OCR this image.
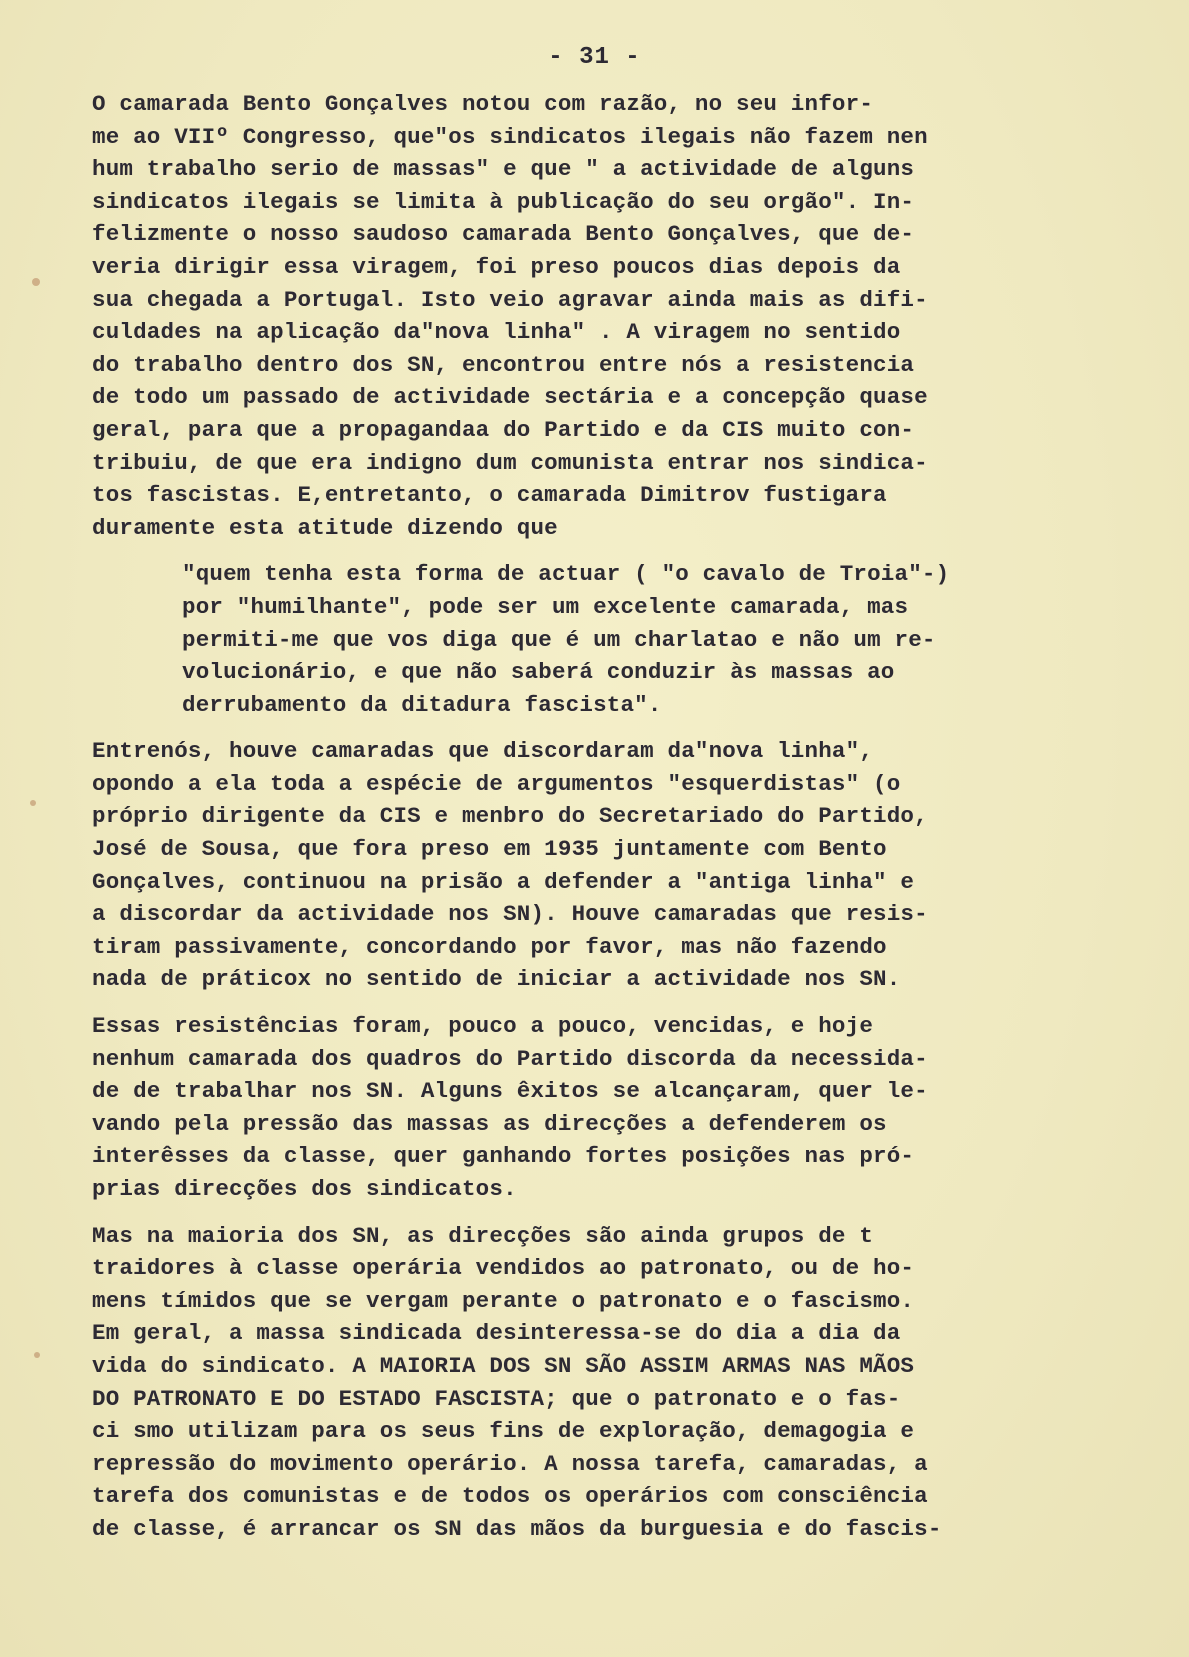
- 31 -
O camarada Bento Gonçalves notou com razão, no seu infor-
me ao VIIº Congresso, que"os sindicatos ilegais não fazem nen
hum trabalho serio de massas" e que " a actividade de alguns
sindicatos ilegais se limita à publicação do seu orgão". In-
felizmente o nosso saudoso camarada Bento Gonçalves, que de-
veria dirigir essa viragem, foi preso poucos dias depois da
sua chegada a Portugal. Isto veio agravar ainda mais as difi-
culdades na aplicação da"nova linha" . A viragem no sentido
do trabalho dentro dos SN, encontrou entre nós a resistencia
de todo um passado de actividade sectária e a concepção quase
geral, para que a propagandaa do Partido e da CIS muito con-
tribuiu, de que era indigno dum comunista entrar nos sindica-
tos fascistas. E,entretanto, o camarada Dimitrov fustigara
duramente esta atitude dizendo que
"quem tenha esta forma de actuar ( "o cavalo de Troia"-)
por "humilhante", pode ser um excelente camarada, mas
permiti-me que vos diga que é um charlatao e não um re-
volucionário, e que não saberá conduzir às massas ao
derrubamento da ditadura fascista".
Entrenós, houve camaradas que discordaram da"nova linha",
opondo a ela toda a espécie de argumentos "esquerdistas" (o
próprio dirigente da CIS e menbro do Secretariado do Partido,
José de Sousa, que fora preso em 1935 juntamente com Bento
Gonçalves, continuou na prisão a defender a "antiga linha" e
a discordar da actividade nos SN). Houve camaradas que resis-
tiram passivamente, concordando por favor, mas não fazendo
nada de práticox no sentido de iniciar a actividade nos SN.
Essas resistências foram, pouco a pouco, vencidas, e hoje
nenhum camarada dos quadros do Partido discorda da necessida-
de de trabalhar nos SN. Alguns êxitos se alcançaram, quer le-
vando pela pressão das massas as direcções a defenderem os
interêsses da classe, quer ganhando fortes posições nas pró-
prias direcções dos sindicatos.
Mas na maioria dos SN, as direcções são ainda grupos de t
traidores à classe operária vendidos ao patronato, ou de ho-
mens tímidos que se vergam perante o patronato e o fascismo.
Em geral, a massa sindicada desinteressa-se do dia a dia da
vida do sindicato. A MAIORIA DOS SN SÃO ASSIM ARMAS NAS MÃOS
DO PATRONATO E DO ESTADO FASCISTA; que o patronato e o fas-
ci smo utilizam para os seus fins de exploração, demagogia e
repressão do movimento operário. A nossa tarefa, camaradas, a
tarefa dos comunistas e de todos os operários com consciência
de classe, é arrancar os SN das mãos da burguesia e do fascis-
